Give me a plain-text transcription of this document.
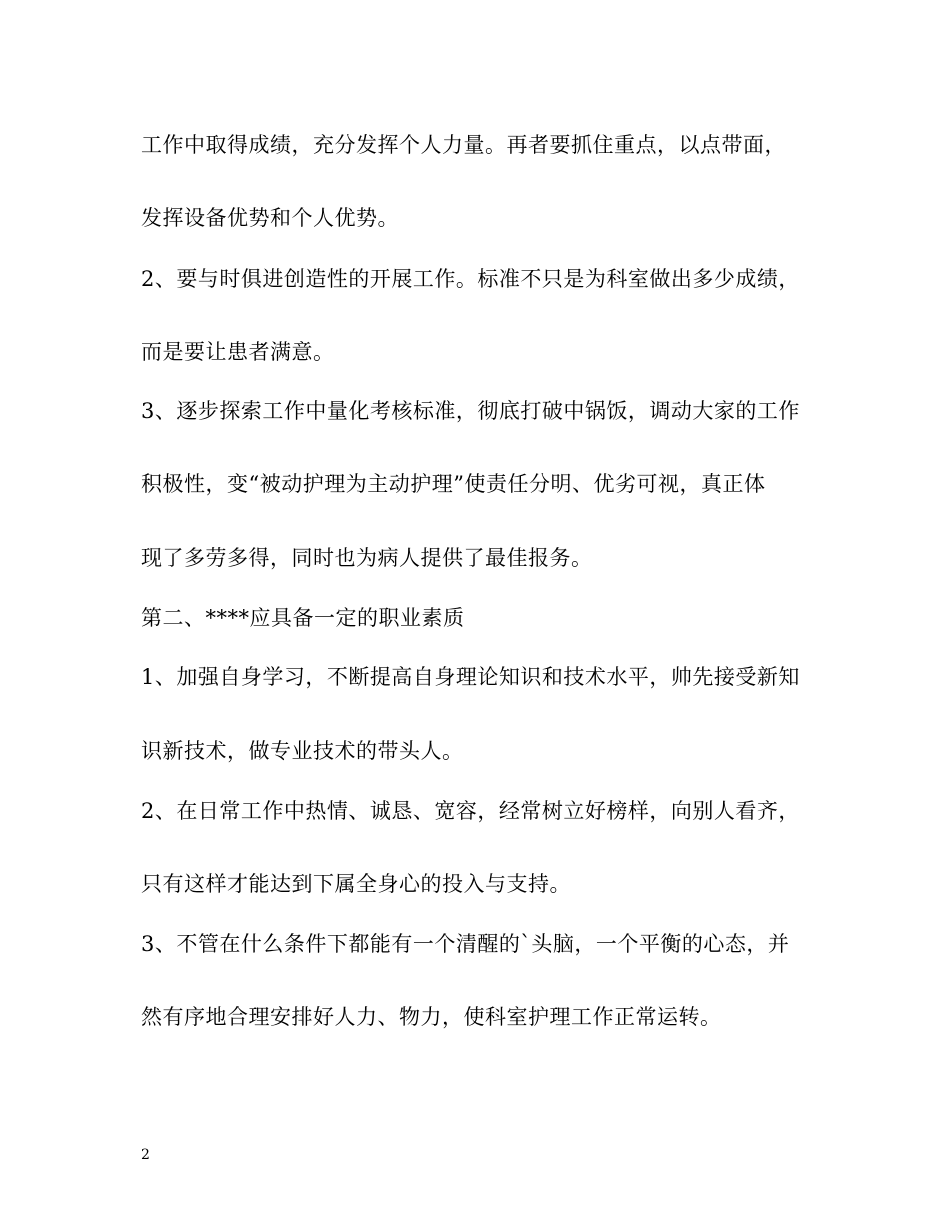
工作中取得成绩，充分发挥个人力量。再者要抓住重点，以点带面，
发挥设备优势和个人优势。
2、要与时俱进创造性的开展工作。标准不只是为科室做出多少成绩，
而是要让患者满意。
3、逐步探索工作中量化考核标准，彻底打破中锅饭，调动大家的工作
积极性，变“被动护理为主动护理”使责任分明、优劣可视，真正体
现了多劳多得，同时也为病人提供了最佳报务。
第二、****应具备一定的职业素质
1、加强自身学习，不断提高自身理论知识和技术水平，帅先接受新知
识新技术，做专业技术的带头人。
2、在日常工作中热情、诚恳、宽容，经常树立好榜样，向别人看齐，
只有这样才能达到下属全身心的投入与支持。
3、不管在什么条件下都能有一个清醒的`头脑，一个平衡的心态，并
然有序地合理安排好人力、物力，使科室护理工作正常运转。
2
